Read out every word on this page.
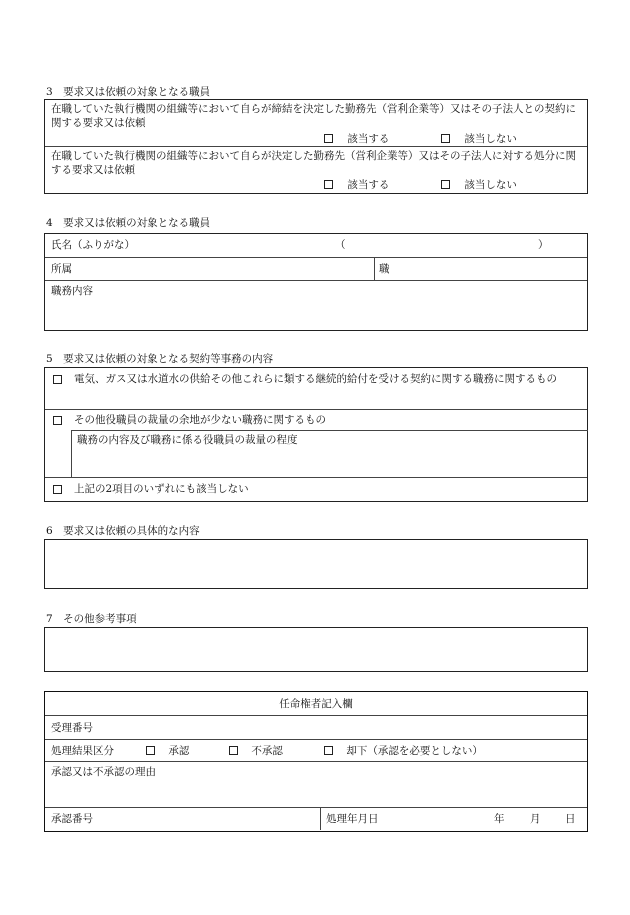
3　要求又は依頼の対象となる職員
在職していた執行機関の組織等において自らが締結を決定した勤務先（営利企業等）又はその子法人との契約に関する要求又は依頼
該当する	該当しない
在職していた執行機関の組織等において自らが決定した勤務先（営利企業等）又はその子法人に対する処分に関する要求又は依頼
該当する	該当しない
4　要求又は依頼の対象となる職員
氏名（ふりがな）	（	）
所属	職
職務内容
5　要求又は依頼の対象となる契約等事務の内容
電気、ガス又は水道水の供給その他これらに類する継続的給付を受ける契約に関する職務に関するもの
その他役職員の裁量の余地が少ない職務に関するもの
職務の内容及び職務に係る役職員の裁量の程度
上記の2項目のいずれにも該当しない
6　要求又は依頼の具体的な内容
7　その他参考事項
任命権者記入欄
受理番号
処理結果区分	承認	不承認	却下（承認を必要としない）
承認又は不承認の理由
承認番号	処理年月日	年 月 日
